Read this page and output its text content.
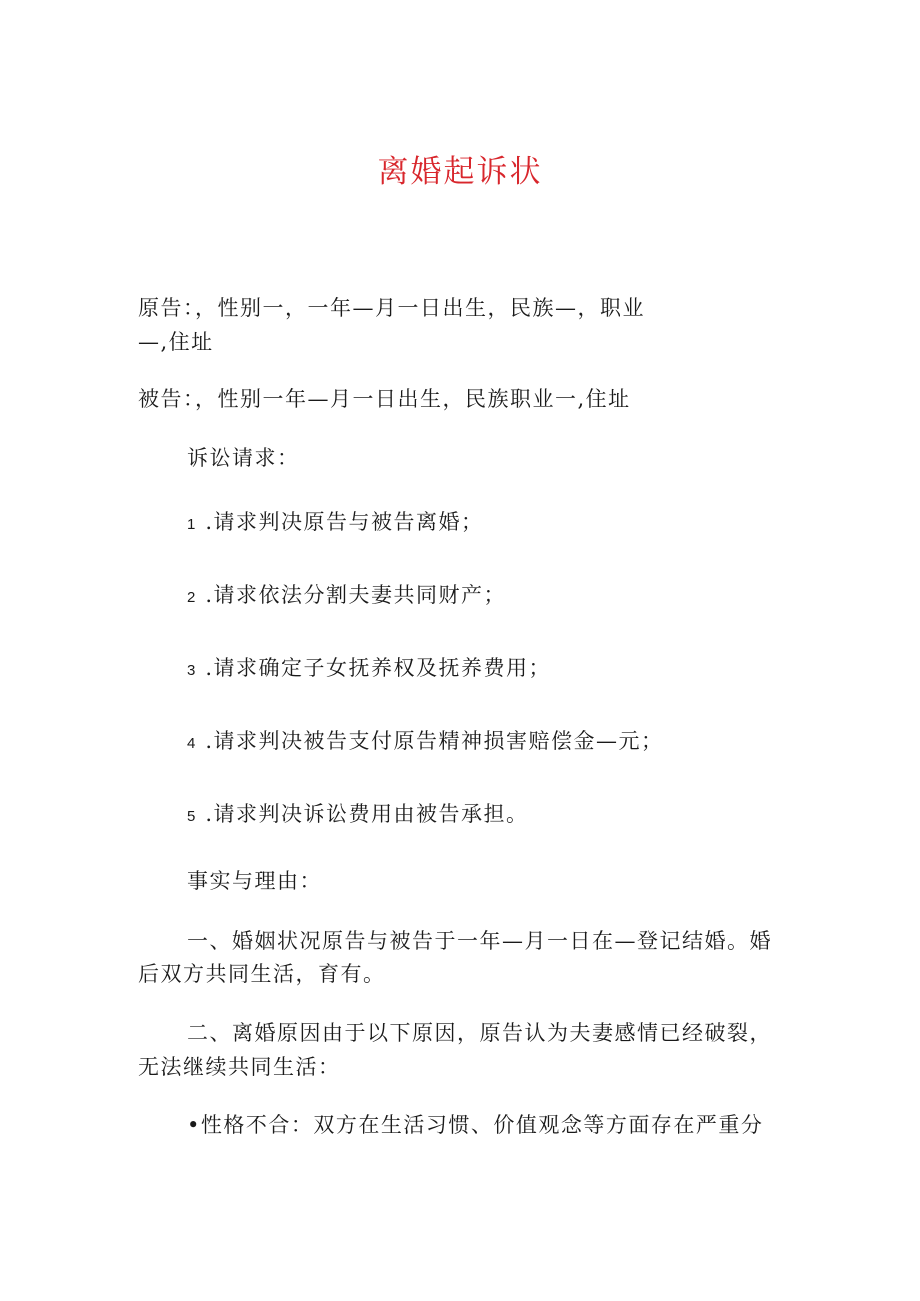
离婚起诉状
原告：，性别一，一年—月一日出生，民族—，职业
—,住址
被告：，性别一年—月一日出生，民族职业一,住址
诉讼请求：
1 .请求判决原告与被告离婚；
2 .请求依法分割夫妻共同财产；
3 .请求确定子女抚养权及抚养费用；
4 .请求判决被告支付原告精神损害赔偿金—元；
5 .请求判决诉讼费用由被告承担。
事实与理由：
一、婚姻状况原告与被告于一年—月一日在—登记结婚。婚
后双方共同生活，育有。
二、离婚原因由于以下原因，原告认为夫妻感情已经破裂，
无法继续共同生活：
•性格不合：双方在生活习惯、价值观念等方面存在严重分
